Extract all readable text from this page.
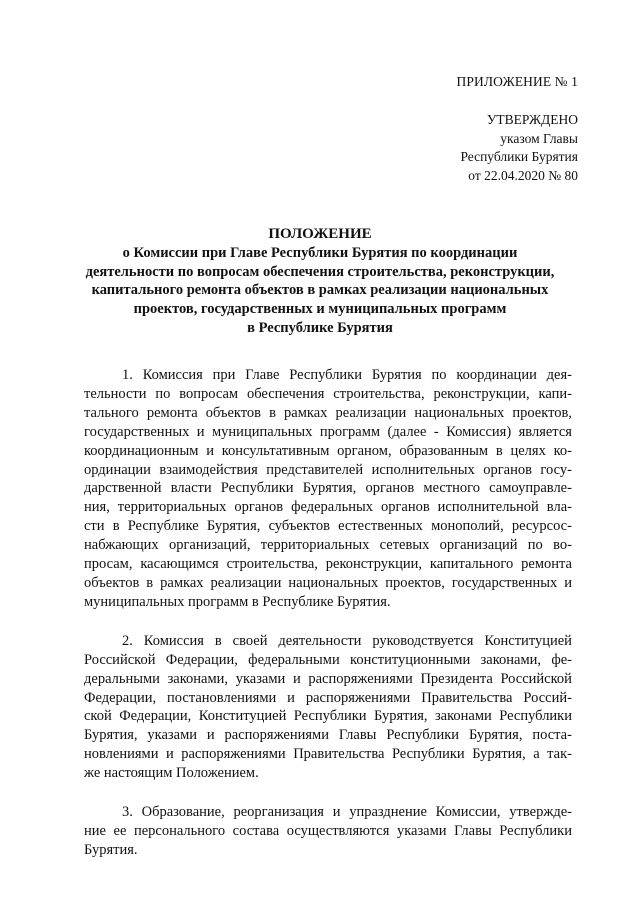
ПРИЛОЖЕНИЕ № 1
УТВЕРЖДЕНО
указом Главы
Республики Бурятия
от 22.04.2020 № 80
ПОЛОЖЕНИЕ
о Комиссии при Главе Республики Бурятия по координации
деятельности по вопросам обеспечения строительства, реконструкции,
капитального ремонта объектов в рамках реализации национальных
проектов, государственных и муниципальных программ
в Республике Бурятия
1. Комиссия при Главе Республики Бурятия по координации дея-
тельности по вопросам обеспечения строительства, реконструкции, капи-
тального ремонта объектов в рамках реализации национальных проектов,
государственных и муниципальных программ (далее - Комиссия) является
координационным и консультативным органом, образованным в целях ко-
ординации взаимодействия представителей исполнительных органов госу-
дарственной власти Республики Бурятия, органов местного самоуправле-
ния, территориальных органов федеральных органов исполнительной вла-
сти в Республике Бурятия, субъектов естественных монополий, ресурсос-
набжающих организаций, территориальных сетевых организаций по во-
просам, касающимся строительства, реконструкции, капитального ремонта
объектов в рамках реализации национальных проектов, государственных и
муниципальных программ в Республике Бурятия.
2. Комиссия в своей деятельности руководствуется Конституцией
Российской Федерации, федеральными конституционными законами, фе-
деральными законами, указами и распоряжениями Президента Российской
Федерации, постановлениями и распоряжениями Правительства Россий-
ской Федерации, Конституцией Республики Бурятия, законами Республики
Бурятия, указами и распоряжениями Главы Республики Бурятия, поста-
новлениями и распоряжениями Правительства Республики Бурятия, а так-
же настоящим Положением.
3. Образование, реорганизация и упразднение Комиссии, утвержде-
ние ее персонального состава осуществляются указами Главы Республики
Бурятия.
